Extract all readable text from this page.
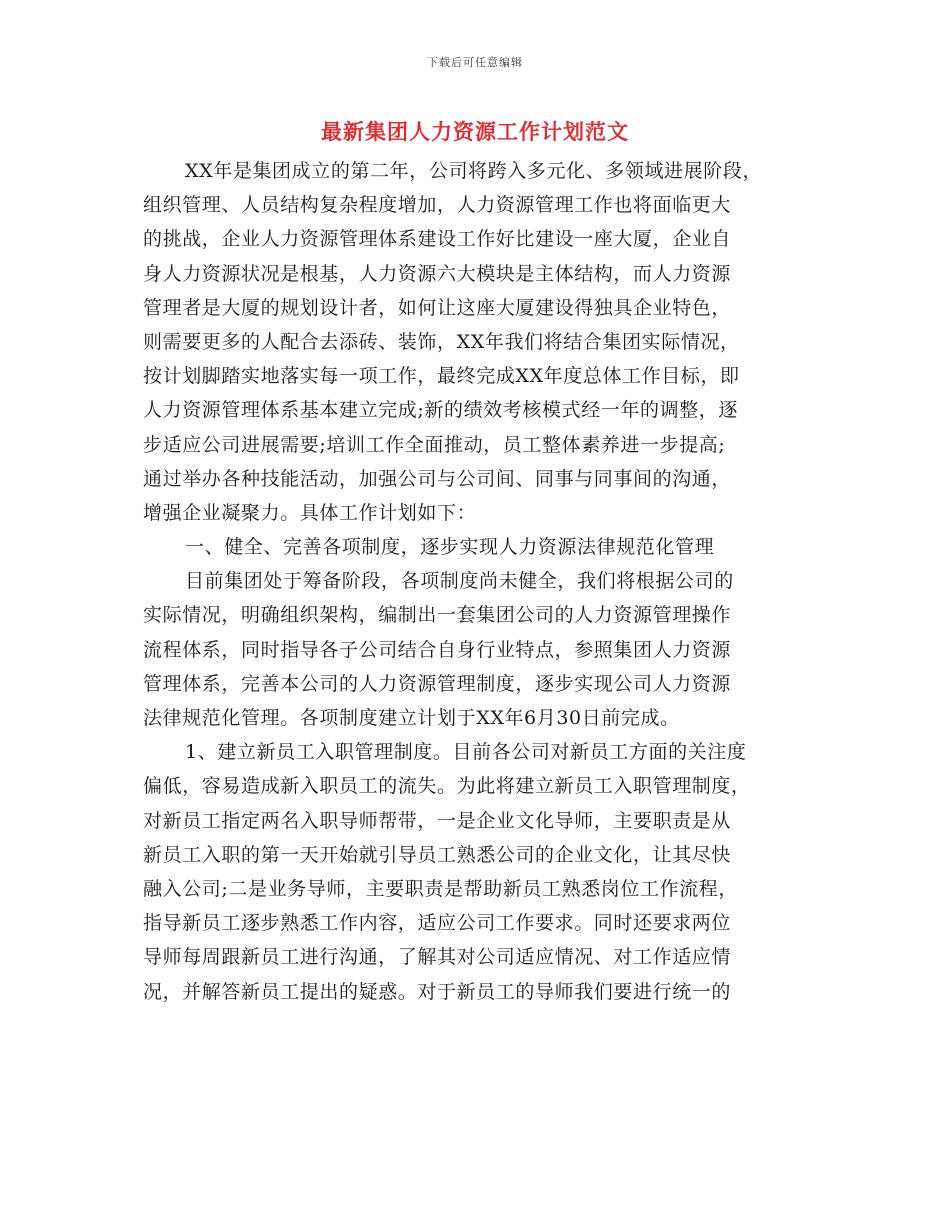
下载后可任意编辑
最新集团人力资源工作计划范文
XX年是集团成立的第二年，公司将跨入多元化、多领域进展阶段，
组织管理、人员结构复杂程度增加，人力资源管理工作也将面临更大
的挑战，企业人力资源管理体系建设工作好比建设一座大厦，企业自
身人力资源状况是根基，人力资源六大模块是主体结构，而人力资源
管理者是大厦的规划设计者，如何让这座大厦建设得独具企业特色，
则需要更多的人配合去添砖、装饰，XX年我们将结合集团实际情况，
按计划脚踏实地落实每一项工作，最终完成XX年度总体工作目标，即
人力资源管理体系基本建立完成;新的绩效考核模式经一年的调整，逐
步适应公司进展需要;培训工作全面推动，员工整体素养进一步提高;
通过举办各种技能活动，加强公司与公司间、同事与同事间的沟通，
增强企业凝聚力。具体工作计划如下：
一、健全、完善各项制度，逐步实现人力资源法律规范化管理
目前集团处于筹备阶段，各项制度尚未健全，我们将根据公司的
实际情况，明确组织架构，编制出一套集团公司的人力资源管理操作
流程体系，同时指导各子公司结合自身行业特点，参照集团人力资源
管理体系，完善本公司的人力资源管理制度，逐步实现公司人力资源
法律规范化管理。各项制度建立计划于XX年6月30日前完成。
1、建立新员工入职管理制度。目前各公司对新员工方面的关注度
偏低，容易造成新入职员工的流失。为此将建立新员工入职管理制度，
对新员工指定两名入职导师帮带，一是企业文化导师，主要职责是从
新员工入职的第一天开始就引导员工熟悉公司的企业文化，让其尽快
融入公司;二是业务导师，主要职责是帮助新员工熟悉岗位工作流程，
指导新员工逐步熟悉工作内容，适应公司工作要求。同时还要求两位
导师每周跟新员工进行沟通，了解其对公司适应情况、对工作适应情
况，并解答新员工提出的疑惑。对于新员工的导师我们要进行统一的
